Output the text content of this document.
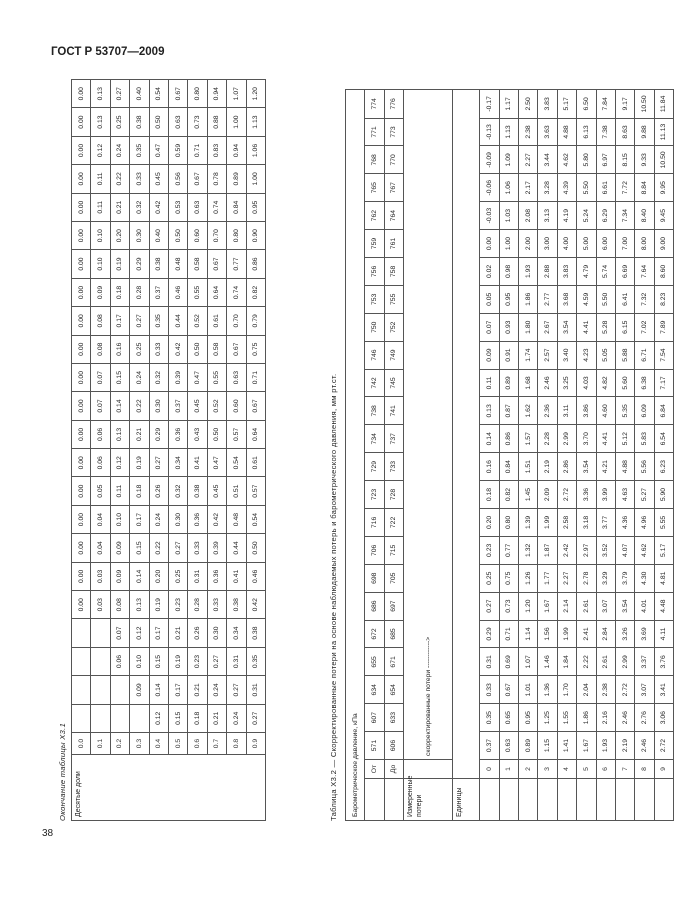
ГОСТ Р 53707—2009
Окончание таблицы Х3.1	Десятые доли	0.0					0.00	0.00	0.00	0.00	0.00	0.00	0.00	0.00	0.00	0.00	0.00	0.00	0.00	0.00	0.00	0.00	0.00	0.00	0.00
	0.1					0.03	0.03	0.04	0.04	0.05	0.06	0.06	0.07	0.07	0.08	0.08	0.09	0.10	0.10	0.11	0.11	0.12	0.13	0.13
	0.2			0.06	0.07	0.08	0.09	0.09	0.10	0.11	0.12	0.13	0.14	0.15	0.16	0.17	0.18	0.19	0.20	0.21	0.22	0.24	0.25	0.27
	0.3		0.09	0.10	0.12	0.13	0.14	0.15	0.17	0.18	0.19	0.21	0.22	0.24	0.25	0.27	0.28	0.29	0.30	0.32	0.33	0.35	0.38	0.40
	0.4	0.12	0.14	0.15	0.17	0.19	0.20	0.22	0.24	0.26	0.27	0.29	0.30	0.32	0.33	0.35	0.37	0.38	0.40	0.42	0.45	0.47	0.50	0.54
	0.5	0.15	0.17	0.19	0.21	0.23	0.25	0.27	0.30	0.32	0.34	0.36	0.37	0.39	0.42	0.44	0.46	0.48	0.50	0.53	0.56	0.59	0.63	0.67
	0.6	0.18	0.21	0.23	0.26	0.28	0.31	0.33	0.36	0.38	0.41	0.43	0.45	0.47	0.50	0.52	0.55	0.58	0.60	0.63	0.67	0.71	0.73	0.80
	0.7	0.21	0.24	0.27	0.30	0.33	0.36	0.39	0.42	0.45	0.47	0.50	0.52	0.55	0.58	0.61	0.64	0.67	0.70	0.74	0.78	0.83	0.88	0.94
	0.8	0.24	0.27	0.31	0.34	0.38	0.41	0.44	0.48	0.51	0.54	0.57	0.60	0.63	0.67	0.70	0.74	0.77	0.80	0.84	0.89	0.94	1.00	1.07
	0.9	0.27	0.31	0.35	0.38	0.42	0.46	0.50	0.54	0.57	0.61	0.64	0.67	0.71	0.75	0.79	0.82	0.86	0.90	0.95	1.00	1.06	1.13	1.20
Таблица Х3.2 — Скорректированные потери на основе наблюдаемых потерь и барометрического давления, мм рт.ст.	Барометрическое давление, кПа																									
	От	571	607	634	655	672	686	698	706	716	723	729	734	738	742	746	750	753	756	759	762	765	768	771	774
	До	606	633	654	671	685	697	705	715	722	728	733	737	741	745	749	752	755	758	761	764	767	770	773	776
Измеренные потери		скорректированные потери ------------>																							
Единицы																									
	0	0.37	0.35	0.33	0.31	0.29	0.27	0.25	0.23	0.20	0.18	0.16	0.14	0.13	0.11	0.09	0.07	0.05	0.02	0.00	-0.03	-0.06	-0.09	-0.13	-0.17
	1	0.63	0.65	0.67	0.69	0.71	0.73	0.75	0.77	0.80	0.82	0.84	0.86	0.87	0.89	0.91	0.93	0.95	0.98	1.00	1.03	1.06	1.09	1.13	1.17
	2	0.89	0.95	1.01	1.07	1.14	1.20	1.26	1.32	1.39	1.45	1.51	1.57	1.62	1.68	1.74	1.80	1.86	1.93	2.00	2.08	2.17	2.27	2.38	2.50
	3	1.15	1.25	1.36	1.46	1.56	1.67	1.77	1.87	1.99	2.09	2.19	2.28	2.36	2.46	2.57	2.67	2.77	2.88	3.00	3.13	3.28	3.44	3.63	3.83
	4	1.41	1.55	1.70	1.84	1.99	2.14	2.27	2.42	2.58	2.72	2.86	2.99	3.11	3.25	3.40	3.54	3.68	3.83	4.00	4.19	4.39	4.62	4.88	5.17
	5	1.67	1.86	2.04	2.22	2.41	2.61	2.78	2.97	3.18	3.36	3.54	3.70	3.86	4.03	4.23	4.41	4.59	4.79	5.00	5.24	5.50	5.80	6.13	6.50
	6	1.93	2.16	2.38	2.61	2.84	3.07	3.29	3.52	3.77	3.99	4.21	4.41	4.60	4.82	5.05	5.28	5.50	5.74	6.00	6.29	6.61	6.97	7.38	7.84
	7	2.19	2.46	2.72	2.99	3.26	3.54	3.79	4.07	4.36	4.63	4.88	5.12	5.35	5.60	5.88	6.15	6.41	6.69	7.00	7.34	7.72	8.15	8.63	9.17
	8	2.46	2.76	3.07	3.37	3.69	4.01	4.30	4.62	4.96	5.27	5.56	5.83	6.09	6.38	6.71	7.02	7.32	7.64	8.00	8.40	8.84	9.33	9.88	10.50
	9	2.72	3.06	3.41	3.76	4.11	4.48	4.81	5.17	5.55	5.90	6.23	6.54	6.84	7.17	7.54	7.89	8.23	8.60	9.00	9.45	9.95	10.50	11.13	11.84
38
